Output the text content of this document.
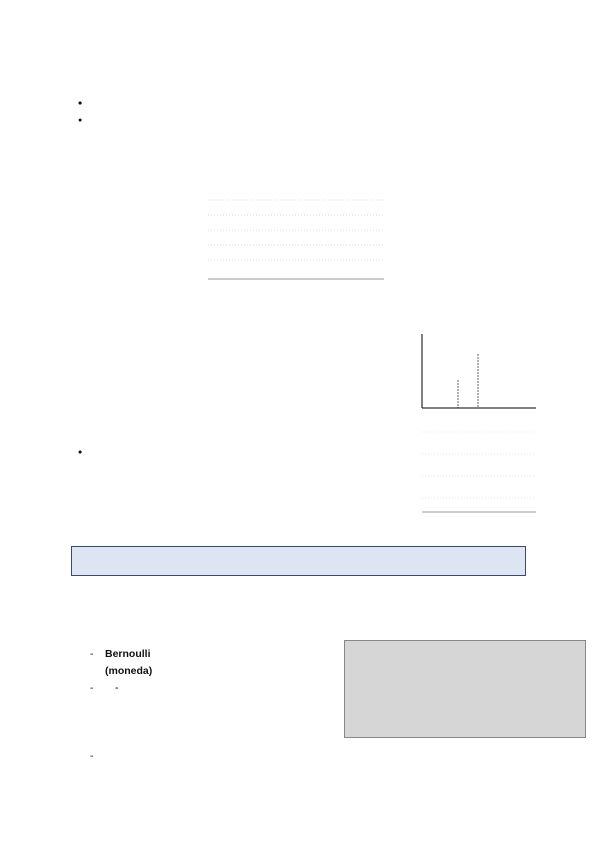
●

- Bernoulli
(moneda)
